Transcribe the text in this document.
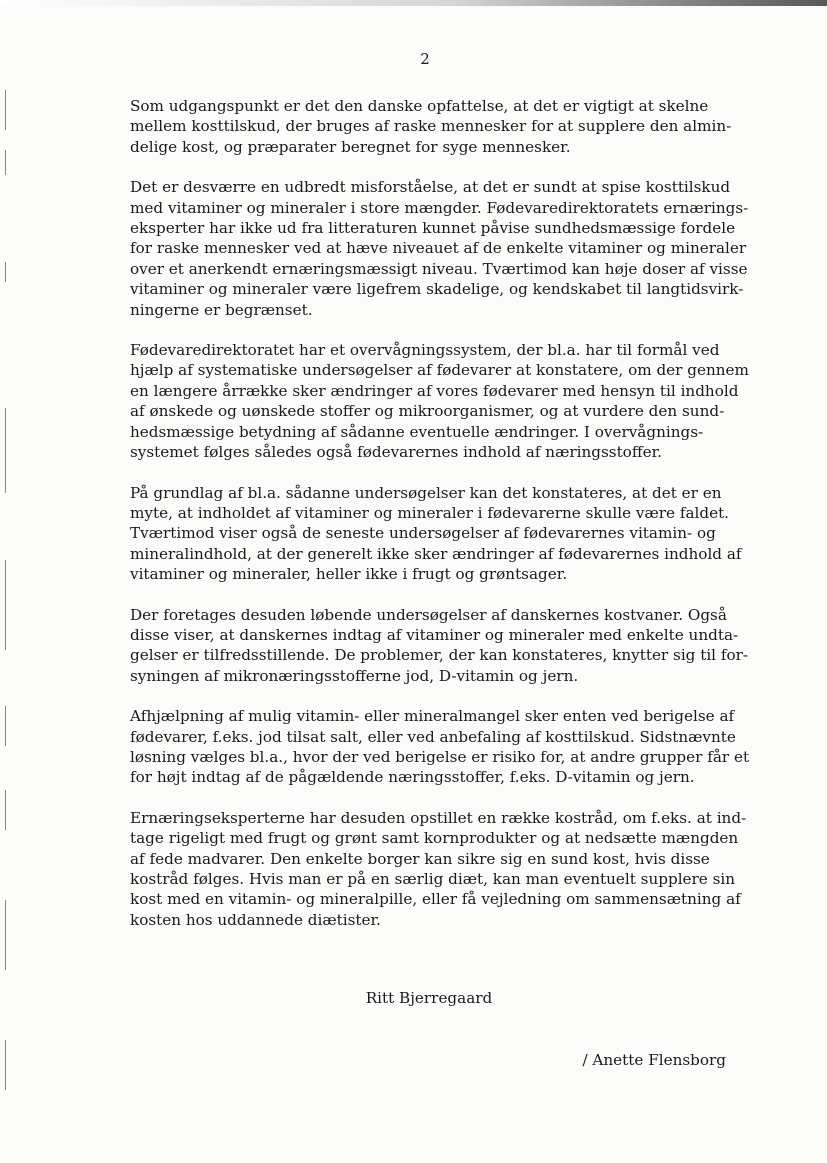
2

Som udgangspunkt er det den danske opfattelse, at det er vigtigt at skelne
mellem kosttilskud, der bruges af raske mennesker for at supplere den almin-
delige kost, og præparater beregnet for syge mennesker.

Det er desværre en udbredt misforståelse, at det er sundt at spise kosttilskud
med vitaminer og mineraler i store mængder. Fødevaredirektoratets ernærings-
eksperter har ikke ud fra litteraturen kunnet påvise sundhedsmæssige fordele
for raske mennesker ved at hæve niveauet af de enkelte vitaminer og mineraler
over et anerkendt ernæringsmæssigt niveau. Tværtimod kan høje doser af visse
vitaminer og mineraler være ligefrem skadelige, og kendskabet til langtidsvirk-
ningerne er begrænset.

Fødevaredirektoratet har et overvågningssystem, der bl.a. har til formål ved
hjælp af systematiske undersøgelser af fødevarer at konstatere, om der gennem
en længere årrække sker ændringer af vores fødevarer med hensyn til indhold
af ønskede og uønskede stoffer og mikroorganismer, og at vurdere den sund-
hedsmæssige betydning af sådanne eventuelle ændringer. I overvågnings-
systemet følges således også fødevarernes indhold af næringsstoffer.

På grundlag af bl.a. sådanne undersøgelser kan det konstateres, at det er en
myte, at indholdet af vitaminer og mineraler i fødevarerne skulle være faldet.
Tværtimod viser også de seneste undersøgelser af fødevarernes vitamin- og
mineralindhold, at der generelt ikke sker ændringer af fødevarernes indhold af
vitaminer og mineraler, heller ikke i frugt og grøntsager.

Der foretages desuden løbende undersøgelser af danskernes kostvaner. Også
disse viser, at danskernes indtag af vitaminer og mineraler med enkelte undta-
gelser er tilfredsstillende. De problemer, der kan konstateres, knytter sig til for-
syningen af mikronæringsstofferne jod, D-vitamin og jern.

Afhjælpning af mulig vitamin- eller mineralmangel sker enten ved berigelse af
fødevarer, f.eks. jod tilsat salt, eller ved anbefaling af kosttilskud. Sidstnævnte
løsning vælges bl.a., hvor der ved berigelse er risiko for, at andre grupper får et
for højt indtag af de pågældende næringsstoffer, f.eks. D-vitamin og jern.

Ernæringseksperterne har desuden opstillet en række kostråd, om f.eks. at ind-
tage rigeligt med frugt og grønt samt kornprodukter og at nedsætte mængden
af fede madvarer. Den enkelte borger kan sikre sig en sund kost, hvis disse
kostråd følges. Hvis man er på en særlig diæt, kan man eventuelt supplere sin
kost med en vitamin- og mineralpille, eller få vejledning om sammensætning af
kosten hos uddannede diætister.

Ritt Bjerregaard
/ Anette Flensborg
